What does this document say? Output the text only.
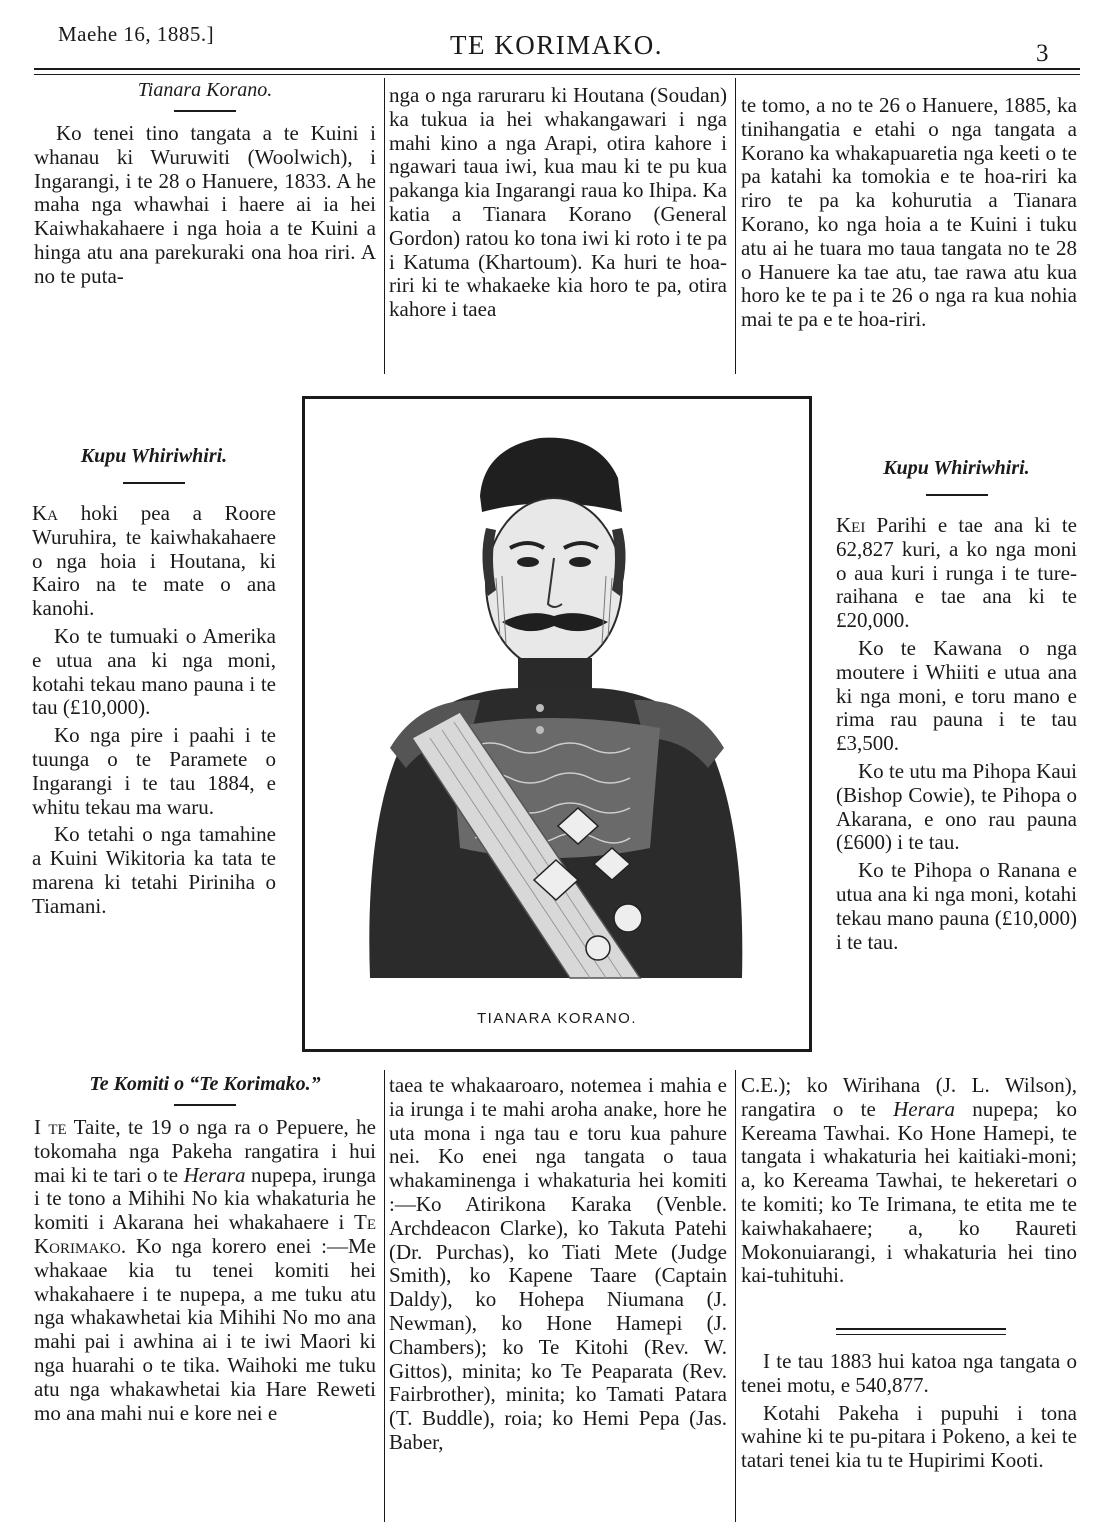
Maehe 16, 1885.]	TE KORIMAKO.	3
Tianara Korano.

Ko tenei tino tangata a te Kuini i whanau ki Wuruwiti (Woolwich), i Ingarangi, i te 28 o Hanuere, 1833. A he maha nga whawhai i haere ai ia hei Kaiwhakahaere i nga hoia a te Kuini a hinga atu ana parekuraki ona hoa riri. A no te puta-

nga o nga raruraru ki Houtana (Soudan) ka tukua ia hei whakangawari i nga mahi kino a nga Arapi, otira kahore i ngawari taua iwi, kua mau ki te pu kua pakanga kia Ingarangi raua ko Ihipa. Ka katia a Tianara Korano (General Gordon) ratou ko tona iwi ki roto i te pa i Katuma (Khartoum). Ka huri te hoa-riri ki te whakaeke kia horo te pa, otira kahore i taea

te tomo, a no te 26 o Hanuere, 1885, ka tinihangatia e etahi o nga tangata a Korano ka whakapuaretia nga keeti o te pa katahi ka tomokia e te hoa-riri ka riro te pa ka kohurutia a Tianara Korano, ko nga hoia a te Kuini i tuku atu ai he tuara mo taua tangata no te 28 o Hanuere ka tae atu, tae rawa atu kua horo ke te pa i te 26 o nga ra kua nohia mai te pa e te hoa-riri.

Kupu Whiriwhiri.

Ka hoki pea a Roore Wuruhira, te kaiwhakahaere o nga hoia i Houtana, ki Kairo na te mate o ana kanohi.

Ko te tumuaki o Amerika e utua ana ki nga moni, kotahi tekau mano pauna i te tau (£10,000).

Ko nga pire i paahi i te tuunga o te Paramete o Ingarangi i te tau 1884, e whitu tekau ma waru.

Ko tetahi o nga tamahine a Kuini Wikitoria ka tata te marena ki tetahi Piriniha o Tiamani.

TIANARA KORANO.
Kupu Whiriwhiri.

Kei Parihi e tae ana ki te 62,827 kuri, a ko nga moni o aua kuri i runga i te ture-raihana e tae ana ki te £20,000.

Ko te Kawana o nga moutere i Whiiti e utua ana ki nga moni, e toru mano e rima rau pauna i te tau £3,500.

Ko te utu ma Pihopa Kaui (Bishop Cowie), te Pihopa o Akarana, e ono rau pauna (£600) i te tau.

Ko te Pihopa o Ranana e utua ana ki nga moni, kotahi tekau mano pauna (£10,000) i te tau.

Te Komiti o “Te Korimako.”

I te Taite, te 19 o nga ra o Pepuere, he tokomaha nga Pakeha rangatira i hui mai ki te tari o te Herara nupepa, irunga i te tono a Mihihi No kia whakaturia he komiti i Akarana hei whakahaere i Te Korimako. Ko nga korero enei :—Me whakaae kia tu tenei komiti hei whakahaere i te nupepa, a me tuku atu nga whakawhetai kia Mihihi No mo ana mahi pai i awhina ai i te iwi Maori ki nga huarahi o te tika. Waihoki me tuku atu nga whakawhetai kia Hare Reweti mo ana mahi nui e kore nei e

taea te whakaaroaro, notemea i mahia e ia irunga i te mahi aroha anake, hore he uta mona i nga tau e toru kua pahure nei. Ko enei nga tangata o taua whakaminenga i whakaturia hei komiti :—Ko Atirikona Karaka (Venble. Archdeacon Clarke), ko Takuta Patehi (Dr. Purchas), ko Tiati Mete (Judge Smith), ko Kapene Taare (Captain Daldy), ko Hohepa Niumana (J. Newman), ko Hone Hamepi (J. Chambers); ko Te Kitohi (Rev. W. Gittos), minita; ko Te Peaparata (Rev. Fairbrother), minita; ko Tamati Patara (T. Buddle), roia; ko Hemi Pepa (Jas. Baber,

C.E.); ko Wirihana (J. L. Wilson), rangatira o te Herara nupepa; ko Kereama Tawhai. Ko Hone Hamepi, te tangata i whakaturia hei kaitiaki-moni; a, ko Kereama Tawhai, te hekeretari o te komiti; ko Te Irimana, te etita me te kaiwhakahaere; a, ko Raureti Mokonuiarangi, i whakaturia hei tino kai-tuhituhi.

I te tau 1883 hui katoa nga tangata o tenei motu, e 540,877.

Kotahi Pakeha i pupuhi i tona wahine ki te pu-pitara i Pokeno, a kei te tatari tenei kia tu te Hupirimi Kooti.
